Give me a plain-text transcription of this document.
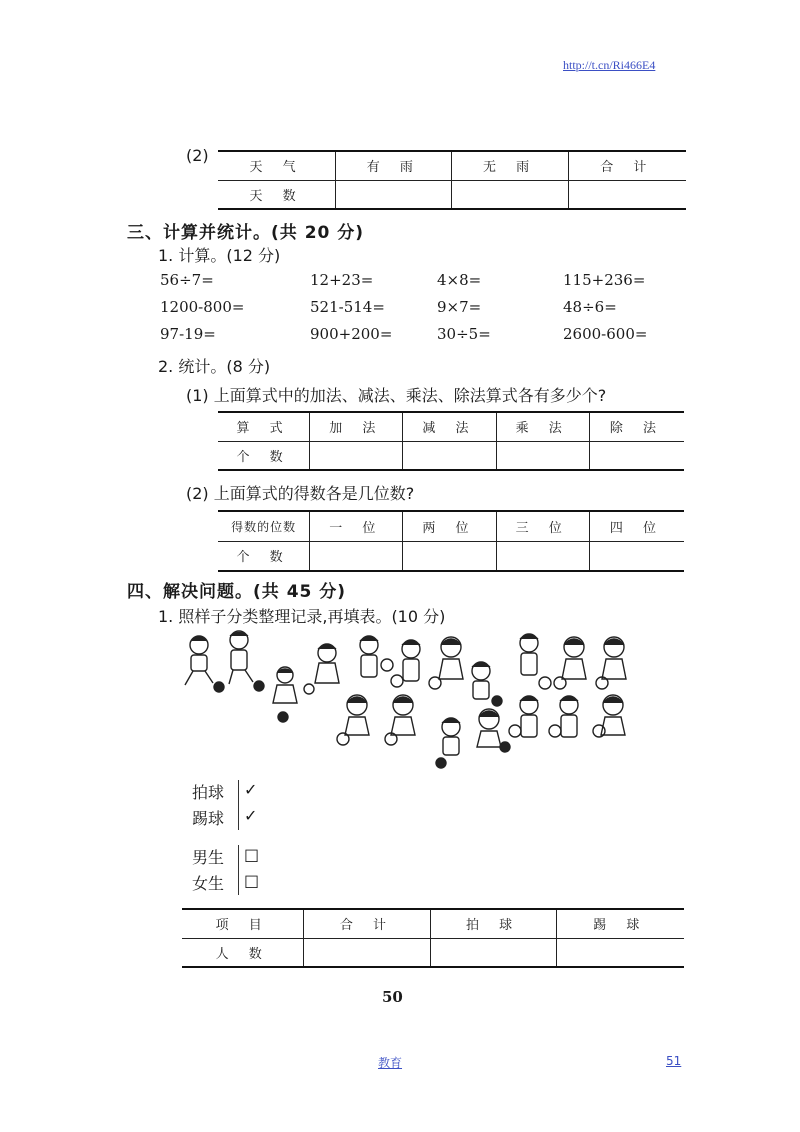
http://t.cn/Ri466E4
(2)
天 气	有 雨	无 雨	合 计
天 数			
三、计算并统计。(共 20 分)
1. 计算。(12 分)
56÷7=	12+23=	4×8=	115+236=
1200-800=	521-514=	9×7=	48÷6=
97-19=	900+200=	30÷5=	2600-600=
2. 统计。(8 分)
(1) 上面算式中的加法、减法、乘法、除法算式各有多少个?
算 式	加 法	减 法	乘 法	除 法
个 数				
(2) 上面算式的得数各是几位数?
得数的位数	一 位	两 位	三 位	四 位
个 数				
四、解决问题。(共 45 分)
1. 照样子分类整理记录,再填表。(10 分)
拍球 ✓
踢球 ✓
男生 □
女生 □
项 目	合 计	拍 球	踢 球
人 数			
50
教育	51
